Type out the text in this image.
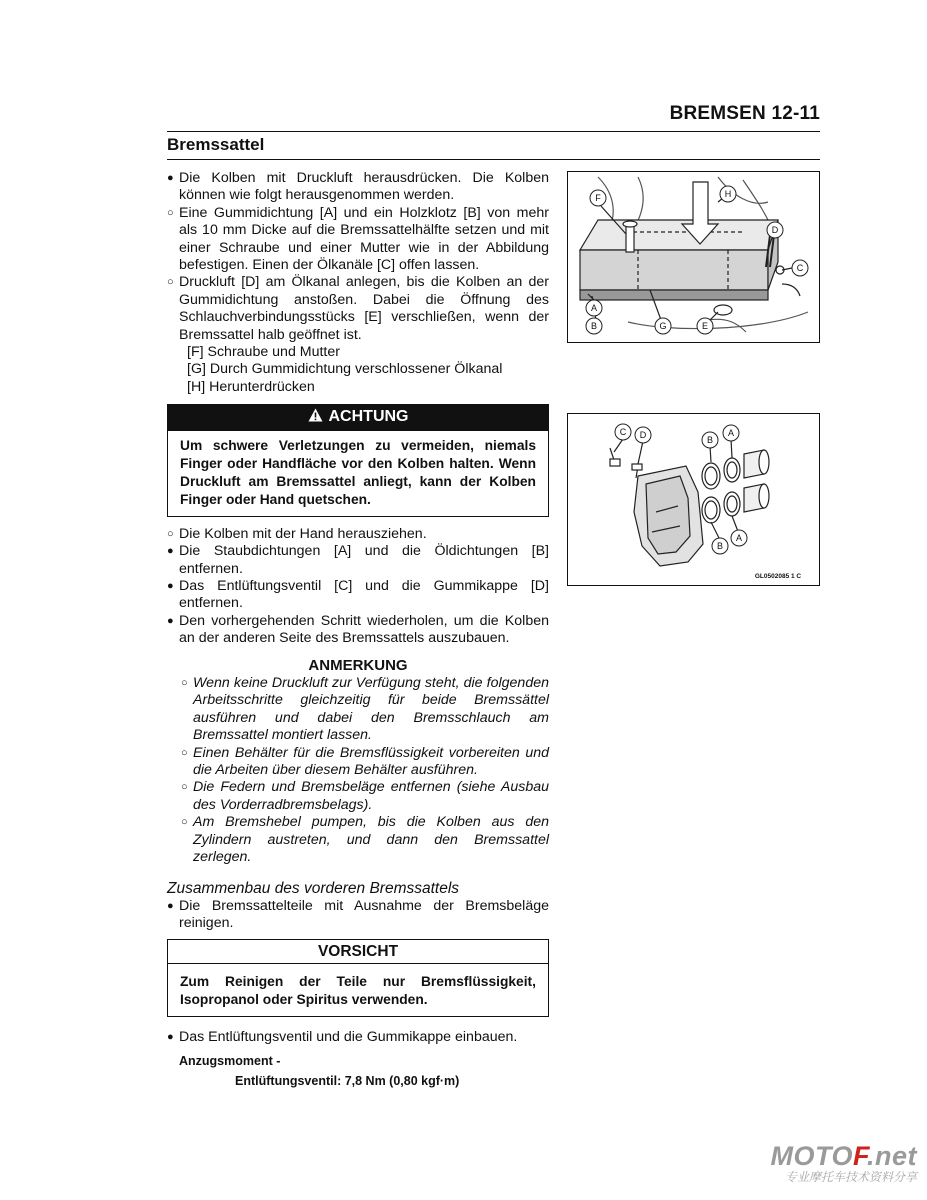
BREMSEN 12-11
Bremssattel
● Die Kolben mit Druckluft herausdrücken. Die Kolben können wie folgt herausgenommen werden.
○ Eine Gummidichtung [A] und ein Holzklotz [B] von mehr als 10 mm Dicke auf die Bremssattelhälfte setzen und mit einer Schraube und einer Mutter wie in der Abbildung befestigen. Einen der Ölkanäle [C] offen lassen.
○ Druckluft [D] am Ölkanal anlegen, bis die Kolben an der Gummidichtung anstoßen. Dabei die Öffnung des Schlauchverbindungsstücks [E] verschließen, wenn der Bremssattel halb geöffnet ist.
[F] Schraube und Mutter
[G] Durch Gummidichtung verschlossener Ölkanal
[H] Herunterdrücken
ACHTUNG
Um schwere Verletzungen zu vermeiden, niemals Finger oder Handfläche vor den Kolben halten. Wenn Druckluft am Bremssattel anliegt, kann der Kolben Finger oder Hand quetschen.
○ Die Kolben mit der Hand herausziehen.
● Die Staubdichtungen [A] und die Öldichtungen [B] entfernen.
● Das Entlüftungsventil [C] und die Gummikappe [D] entfernen.
● Den vorhergehenden Schritt wiederholen, um die Kolben an der anderen Seite des Bremssattels auszubauen.
ANMERKUNG
○ Wenn keine Druckluft zur Verfügung steht, die folgenden Arbeitsschritte gleichzeitig für beide Bremssättel ausführen und dabei den Bremsschlauch am Bremssattel montiert lassen.
○ Einen Behälter für die Bremsflüssigkeit vorbereiten und die Arbeiten über diesem Behälter ausführen.
○ Die Federn und Bremsbeläge entfernen (siehe Ausbau des Vorderradbremsbelags).
○ Am Bremshebel pumpen, bis die Kolben aus den Zylindern austreten, und dann den Bremssattel zerlegen.
Zusammenbau des vorderen Bremssattels
● Die Bremssattelteile mit Ausnahme der Bremsbeläge reinigen.
VORSICHT
Zum Reinigen der Teile nur Bremsflüssigkeit, Isopropanol oder Spiritus verwenden.
● Das Entlüftungsventil und die Gummikappe einbauen.
Anzugsmoment -
Entlüftungsventil: 7,8 Nm (0,80 kgf·m)
F	H
D
C
A
B	G	E
C D	B
A
B
A
GL0502085 1 C
MOTOF.net
专业摩托车技术资料分享
